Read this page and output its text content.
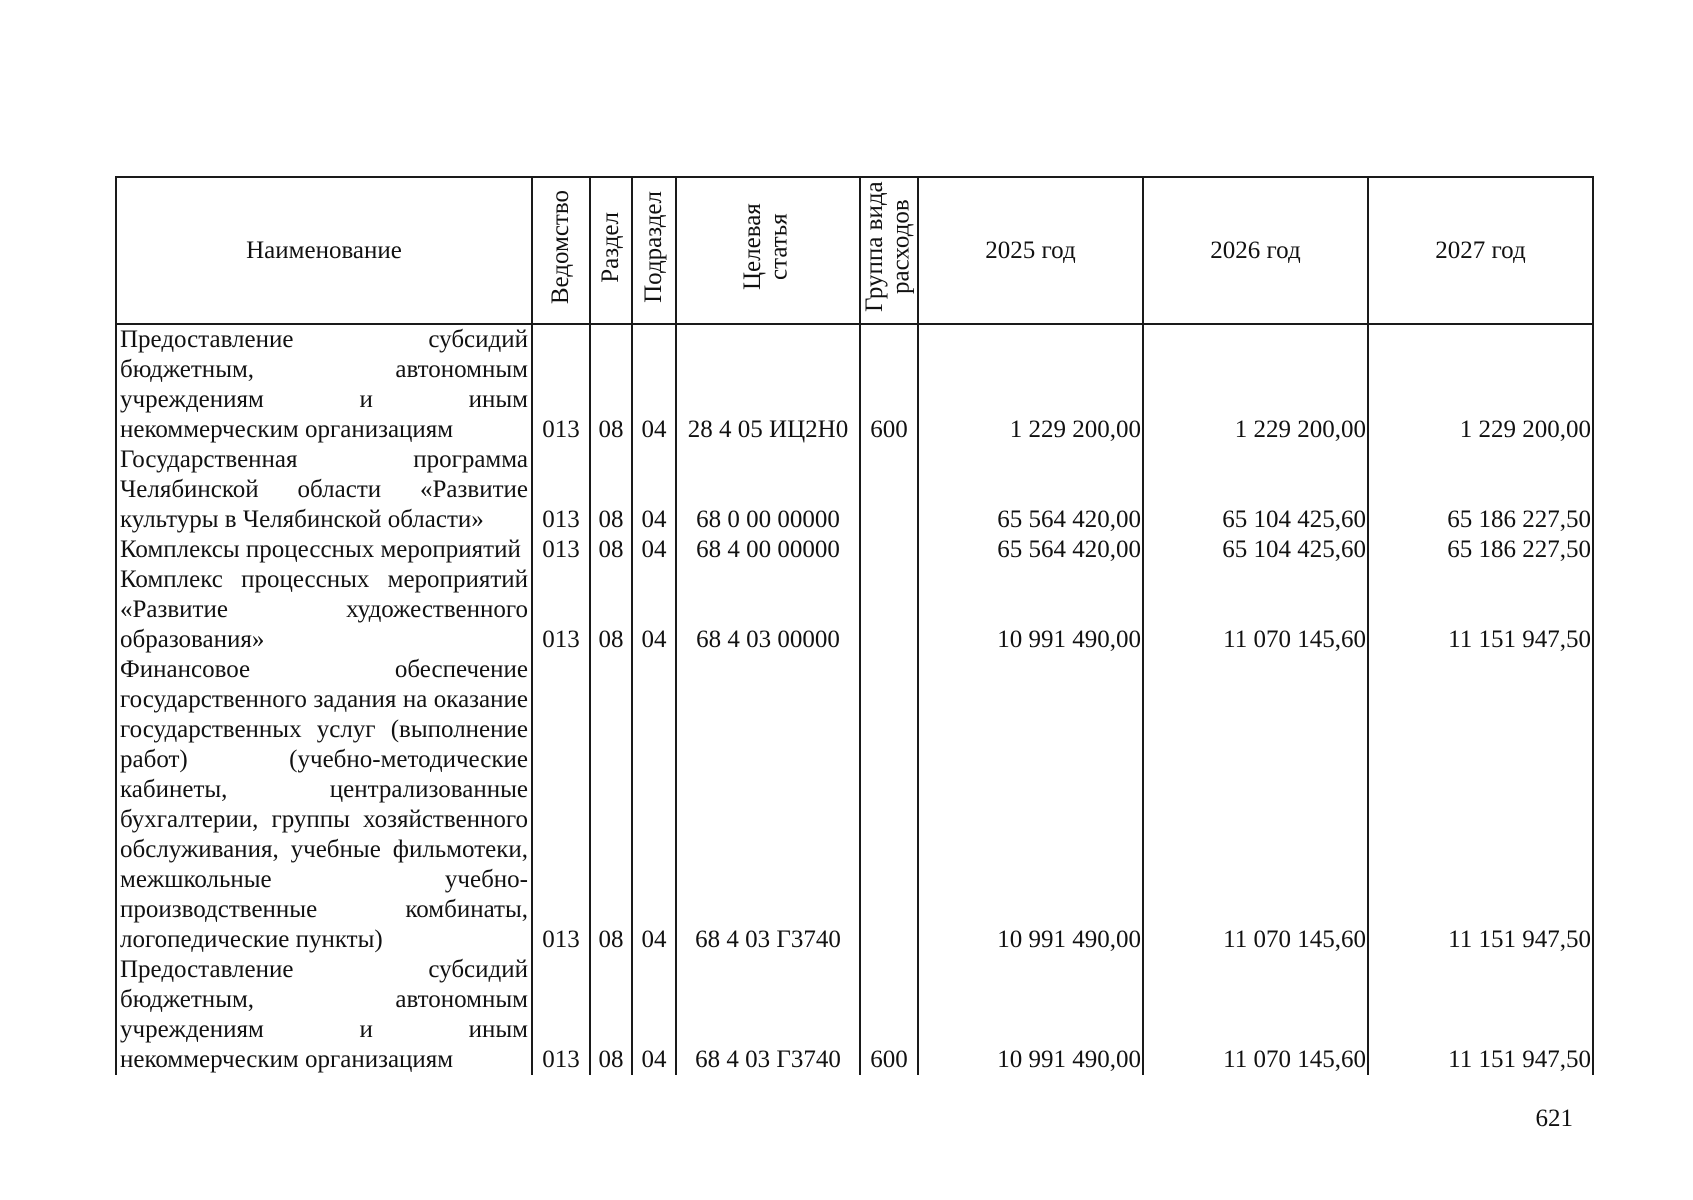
Наименование	Ведомство	Раздел	Подраздел	Целевая статья	Группа вида расходов	2025 год	2026 год	2027 год
Предоставление субсидий бюджетным, автономным учреждениям и иным некоммерческим организациям	013	08	04	28 4 05 ИЦ2Н0	600	1 229 200,00	1 229 200,00	1 229 200,00
Государственная программа Челябинской области «Развитие культуры в Челябинской области»	013	08	04	68 0 00 00000		65 564 420,00	65 104 425,60	65 186 227,50
Комплексы процессных мероприятий	013	08	04	68 4 00 00000		65 564 420,00	65 104 425,60	65 186 227,50
Комплекс процессных мероприятий «Развитие художественного образования»	013	08	04	68 4 03 00000		10 991 490,00	11 070 145,60	11 151 947,50
Финансовое обеспечение государственного задания на оказание государственных услуг (выполнение работ) (учебно-методические кабинеты, централизованные бухгалтерии, группы хозяйственного обслуживания, учебные фильмотеки, межшкольные учебно-производственные комбинаты, логопедические пункты)	013	08	04	68 4 03 Г3740		10 991 490,00	11 070 145,60	11 151 947,50
Предоставление субсидий бюджетным, автономным учреждениям и иным некоммерческим организациям	013	08	04	68 4 03 Г3740	600	10 991 490,00	11 070 145,60	11 151 947,50
621
